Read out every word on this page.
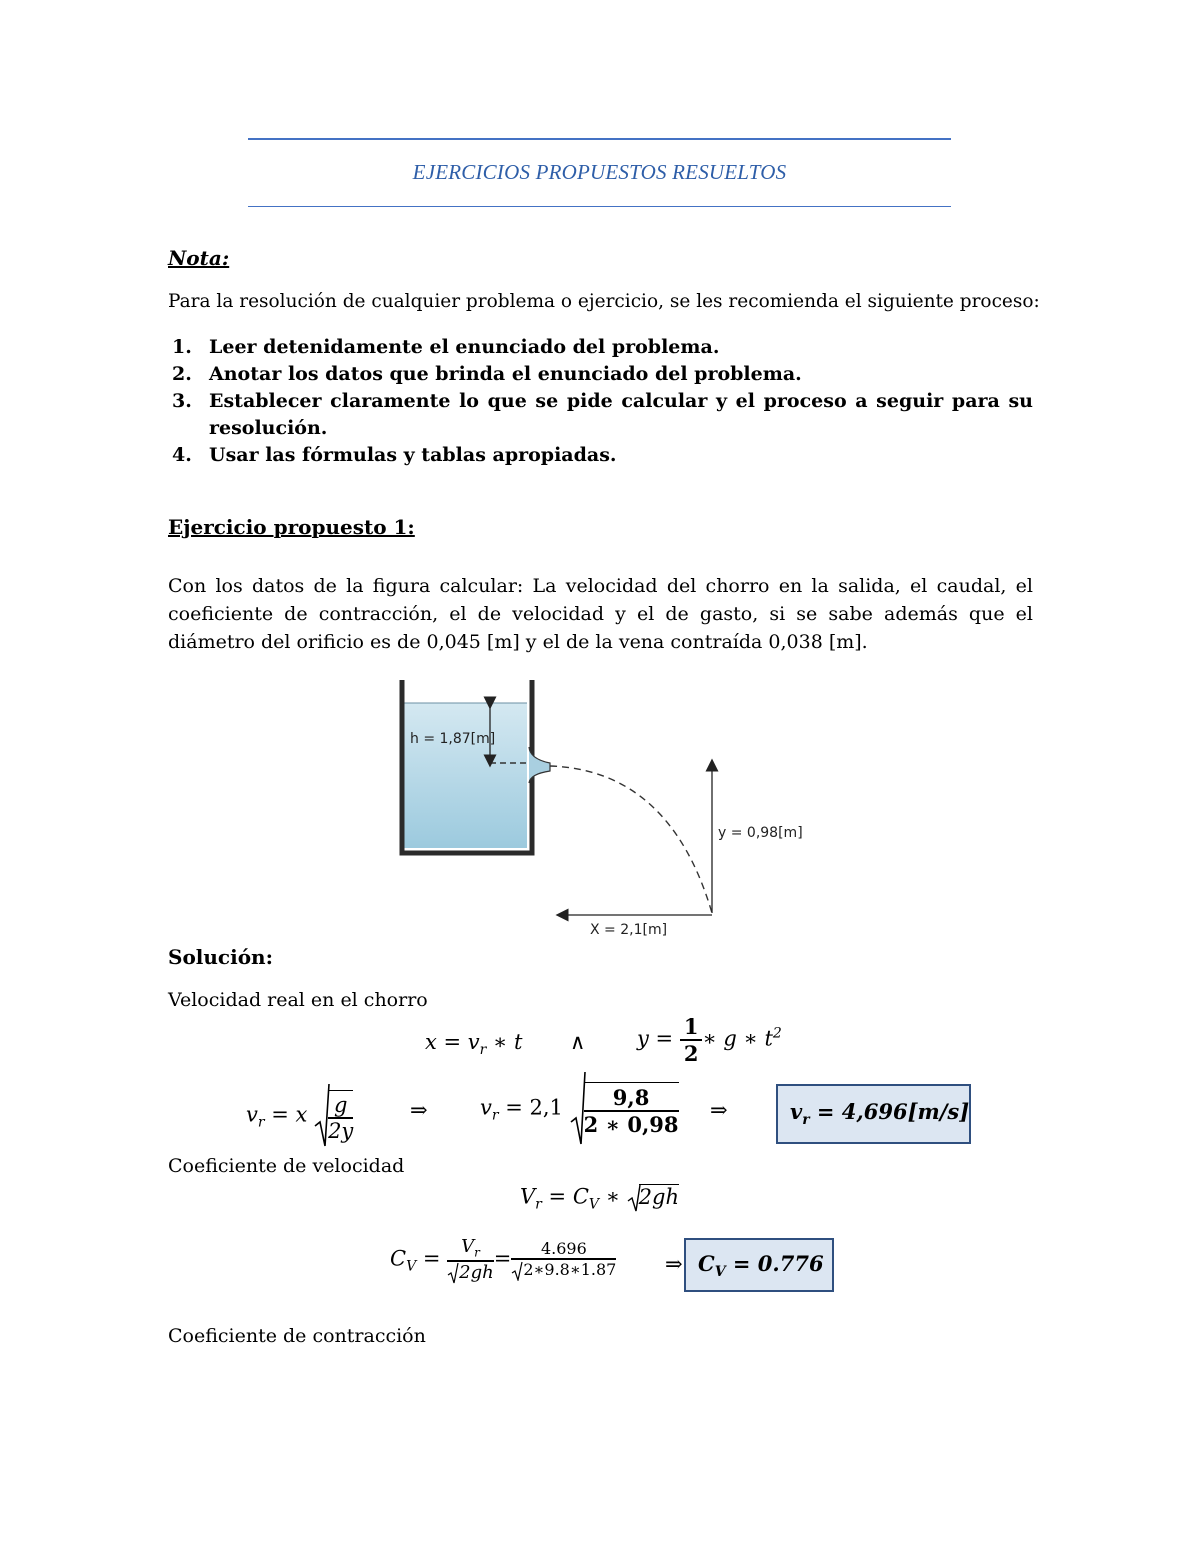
EJERCICIOS PROPUESTOS RESUELTOS
Nota:
Para la resolución de cualquier problema o ejercicio, se les recomienda el siguiente proceso:
1. Leer detenidamente el enunciado del problema.
2. Anotar los datos que brinda el enunciado del problema.
3. Establecer claramente lo que se pide calcular y el proceso a seguir para su resolución.
4. Usar las fórmulas y tablas apropiadas.
Ejercicio propuesto 1:
Con los datos de la figura calcular: La velocidad del chorro en la salida, el caudal, el coeficiente de contracción, el de velocidad y el de gasto, si se sabe además que el diámetro del orificio es de 0,045 [m] y el de la vena contraída 0,038 [m].
h = 1,87[m]
y = 0,98[m]
X = 2,1[m]
Solución:
Velocidad real en el chorro
$x = v_r$ ∗ t ∧ $y = \frac{1}{2}$ ∗ g ∗ $t^2$
$v_r = x \frac{g}{2y}$	⇒ $v_r = 2,1 \frac{9,8}{2 ∗ 0,98}$ ⇒	$v_r = 4,696[m/s]$
Coeficiente de velocidad
$V_r = C_V$ ∗ 2gh
$C_V = \frac{V_r}{2gh} = \frac{4.696}{2∗9.8∗1.87}$ ⇒ $C_V = 0.776$
Coeficiente de contracción
